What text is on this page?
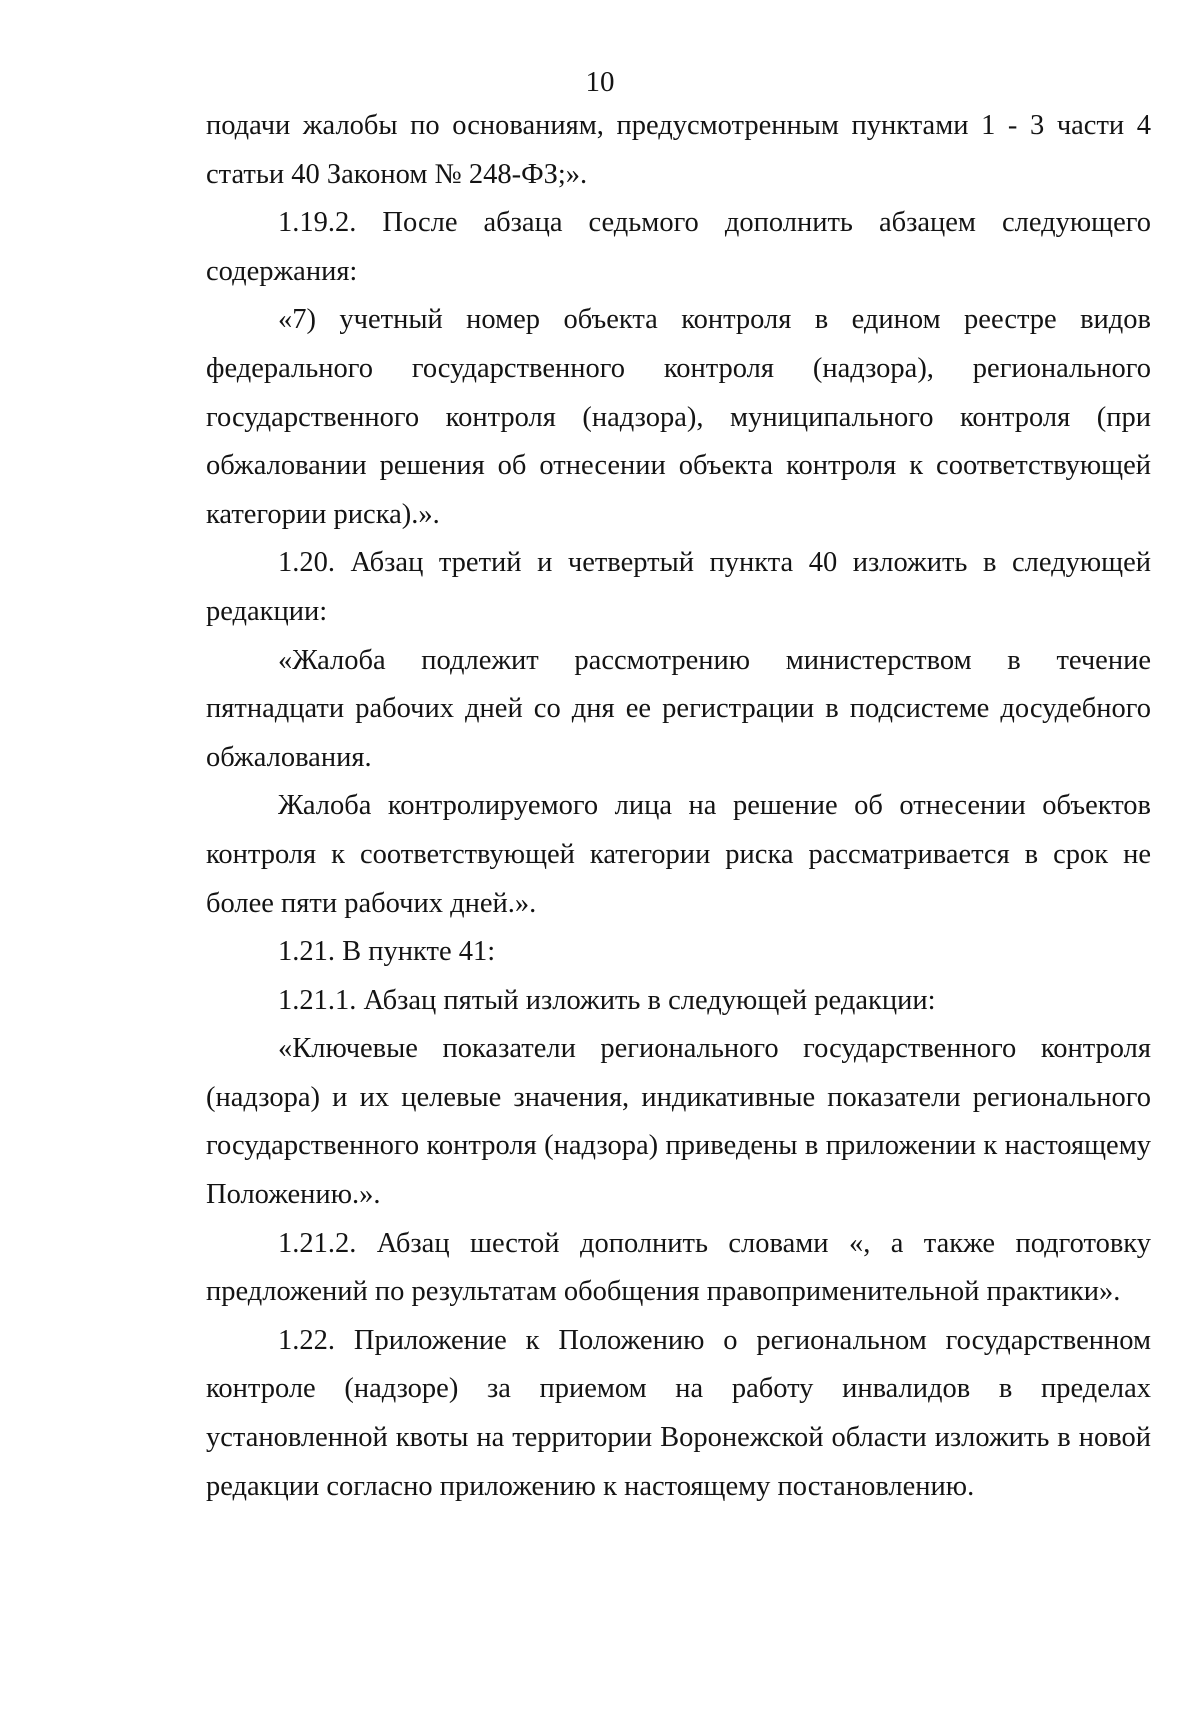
10

подачи жалобы по основаниям, предусмотренным пунктами 1 - 3 части 4 статьи 40 Законом № 248-ФЗ;».

1.19.2. После абзаца седьмого дополнить абзацем следующего содержания:

«7) учетный номер объекта контроля в едином реестре видов федерального государственного контроля (надзора), регионального государственного контроля (надзора), муниципального контроля (при обжаловании решения об отнесении объекта контроля к соответствующей категории риска).».

1.20. Абзац третий и четвертый пункта 40 изложить в следующей редакции:

«Жалоба подлежит рассмотрению министерством в течение пятнадцати рабочих дней со дня ее регистрации в подсистеме досудебного обжалования.

Жалоба контролируемого лица на решение об отнесении объектов контроля к соответствующей категории риска рассматривается в срок не более пяти рабочих дней.».

1.21. В пункте 41:

1.21.1. Абзац пятый изложить в следующей редакции:

«Ключевые показатели регионального государственного контроля (надзора) и их целевые значения, индикативные показатели регионального государственного контроля (надзора) приведены в приложении к настоящему Положению.».

1.21.2. Абзац шестой дополнить словами «, а также подготовку предложений по результатам обобщения правоприменительной практики».

1.22. Приложение к Положению о региональном государственном контроле (надзоре) за приемом на работу инвалидов в пределах установленной квоты на территории Воронежской области изложить в новой редакции согласно приложению к настоящему постановлению.
